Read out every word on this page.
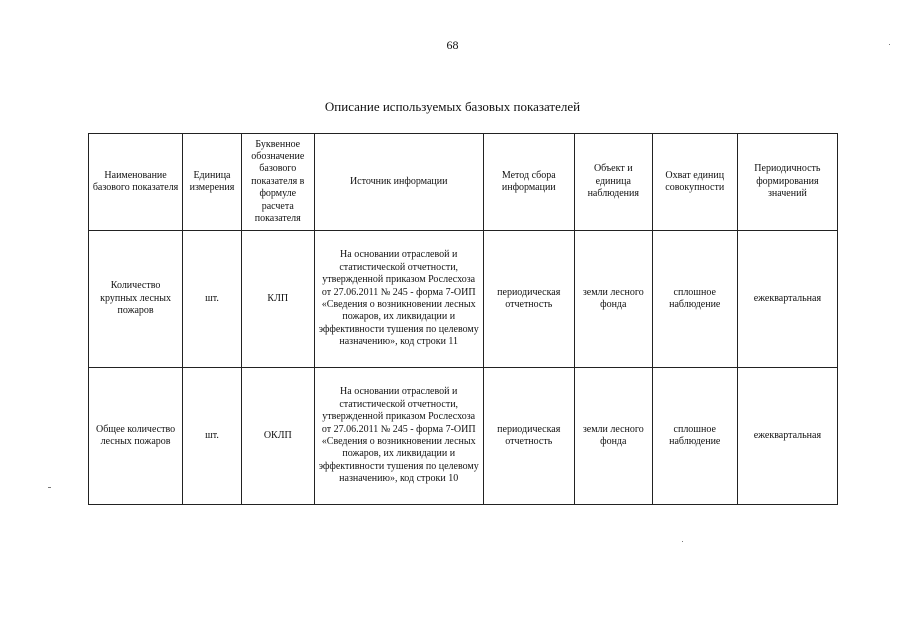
68
Описание используемых базовых показателей
Наименование базового показателя	Единица измерения	Буквенное обозначение базового показателя в формуле расчета показателя	Источник информации	Метод сбора информации	Объект и единица наблюдения	Охват единиц совокупности	Периодичность формирования значений
Количество крупных лесных пожаров	шт.	КЛП	На основании отраслевой и статистической отчетности, утвержденной приказом Рослесхоза от 27.06.2011 № 245 - форма 7-ОИП «Сведения о возникновении лесных пожаров, их ликвидации и эффективности тушения по целевому назначению», код строки 11	периодическая отчетность	земли лесного фонда	сплошное наблюдение	ежеквартальная
Общее количество лесных пожаров	шт.	ОКЛП	На основании отраслевой и статистической отчетности, утвержденной приказом Рослесхоза от 27.06.2011 № 245 - форма 7-ОИП «Сведения о возникновении лесных пожаров, их ликвидации и эффективности тушения по целевому назначению», код строки 10	периодическая отчетность	земли лесного фонда	сплошное наблюдение	ежеквартальная
